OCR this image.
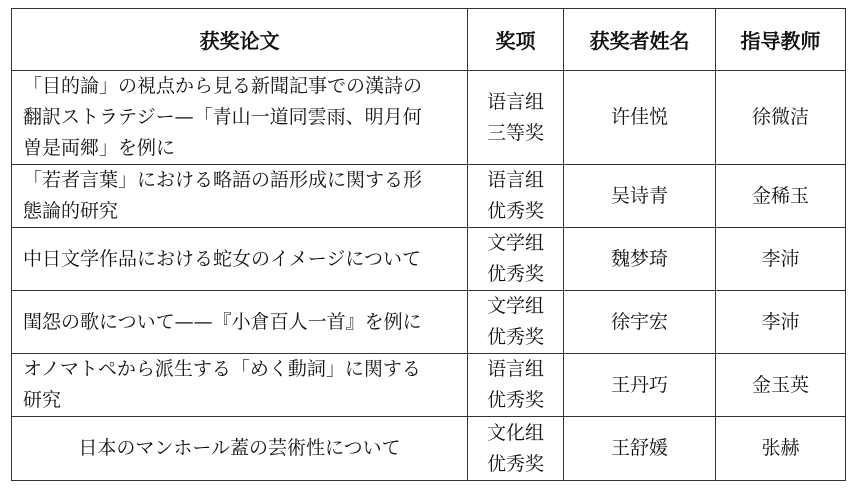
获奖论文	奖项	获奖者姓名	指导教师

「目的論」の視点から見る新聞記事での漢詩の
翻訳ストラテジー—「青山一道同雲雨、明月何
曽是両郷」を例に	语言组
三等奖	许佳悦	徐微洁

「若者言葉」における略語の語形成に関する形
態論的研究	语言组
优秀奖	吴诗青	金稀玉

中日文学作品における蛇女のイメージについて	文学组
优秀奖	魏梦琦	李沛

閨怨の歌について——『小倉百人一首』を例に	文学组
优秀奖	徐宇宏	李沛

オノマトペから派生する「めく動詞」に関する
研究	语言组
优秀奖	王丹巧	金玉英

日本のマンホール蓋の芸術性について	文化组
优秀奖	王舒媛	张赫
